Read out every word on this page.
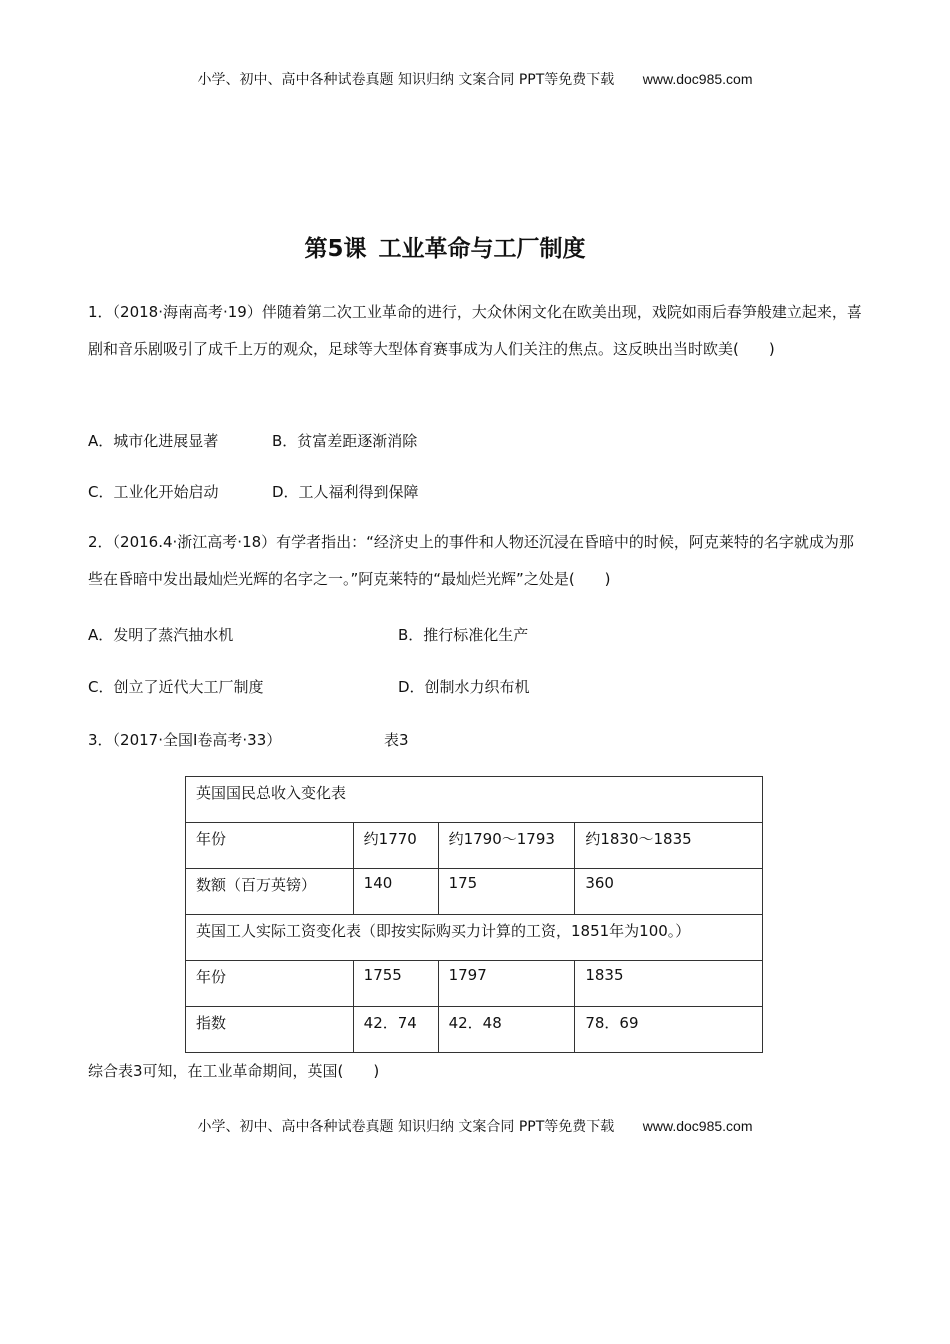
小学、初中、高中各种试卷真题 知识归纳 文案合同 PPT等免费下载 www.doc985.com
第5课 工业革命与工厂制度
1．（2018·海南高考·19）伴随着第二次工业革命的进行，大众休闲文化在欧美出现，戏院如雨后春笋般建立起来，喜剧和音乐剧吸引了成千上万的观众，足球等大型体育赛事成为人们关注的焦点。这反映出当时欧美(　　)
A．城市化进展显著	B．贫富差距逐渐消除
C．工业化开始启动	D．工人福利得到保障
2．（2016.4·浙江高考·18）有学者指出：“经济史上的事件和人物还沉浸在昏暗中的时候，阿克莱特的名字就成为那些在昏暗中发出最灿烂光辉的名字之一。”阿克莱特的“最灿烂光辉”之处是(　　)
A．发明了蒸汽抽水机	B．推行标准化生产
C．创立了近代大工厂制度	D．创制水力织布机
3．（2017·全国Ⅰ卷高考·33）	表3
英国国民总收入变化表			
年份	约1770	约1790～1793	约1830～1835
数额（百万英镑）	140	175	360
英国工人实际工资变化表（即按实际购买力计算的工资，1851年为100。）			
年份	1755	1797	1835
指数	42．74	42．48	78．69
综合表3可知，在工业革命期间，英国(　　)
小学、初中、高中各种试卷真题 知识归纳 文案合同 PPT等免费下载 www.doc985.com
